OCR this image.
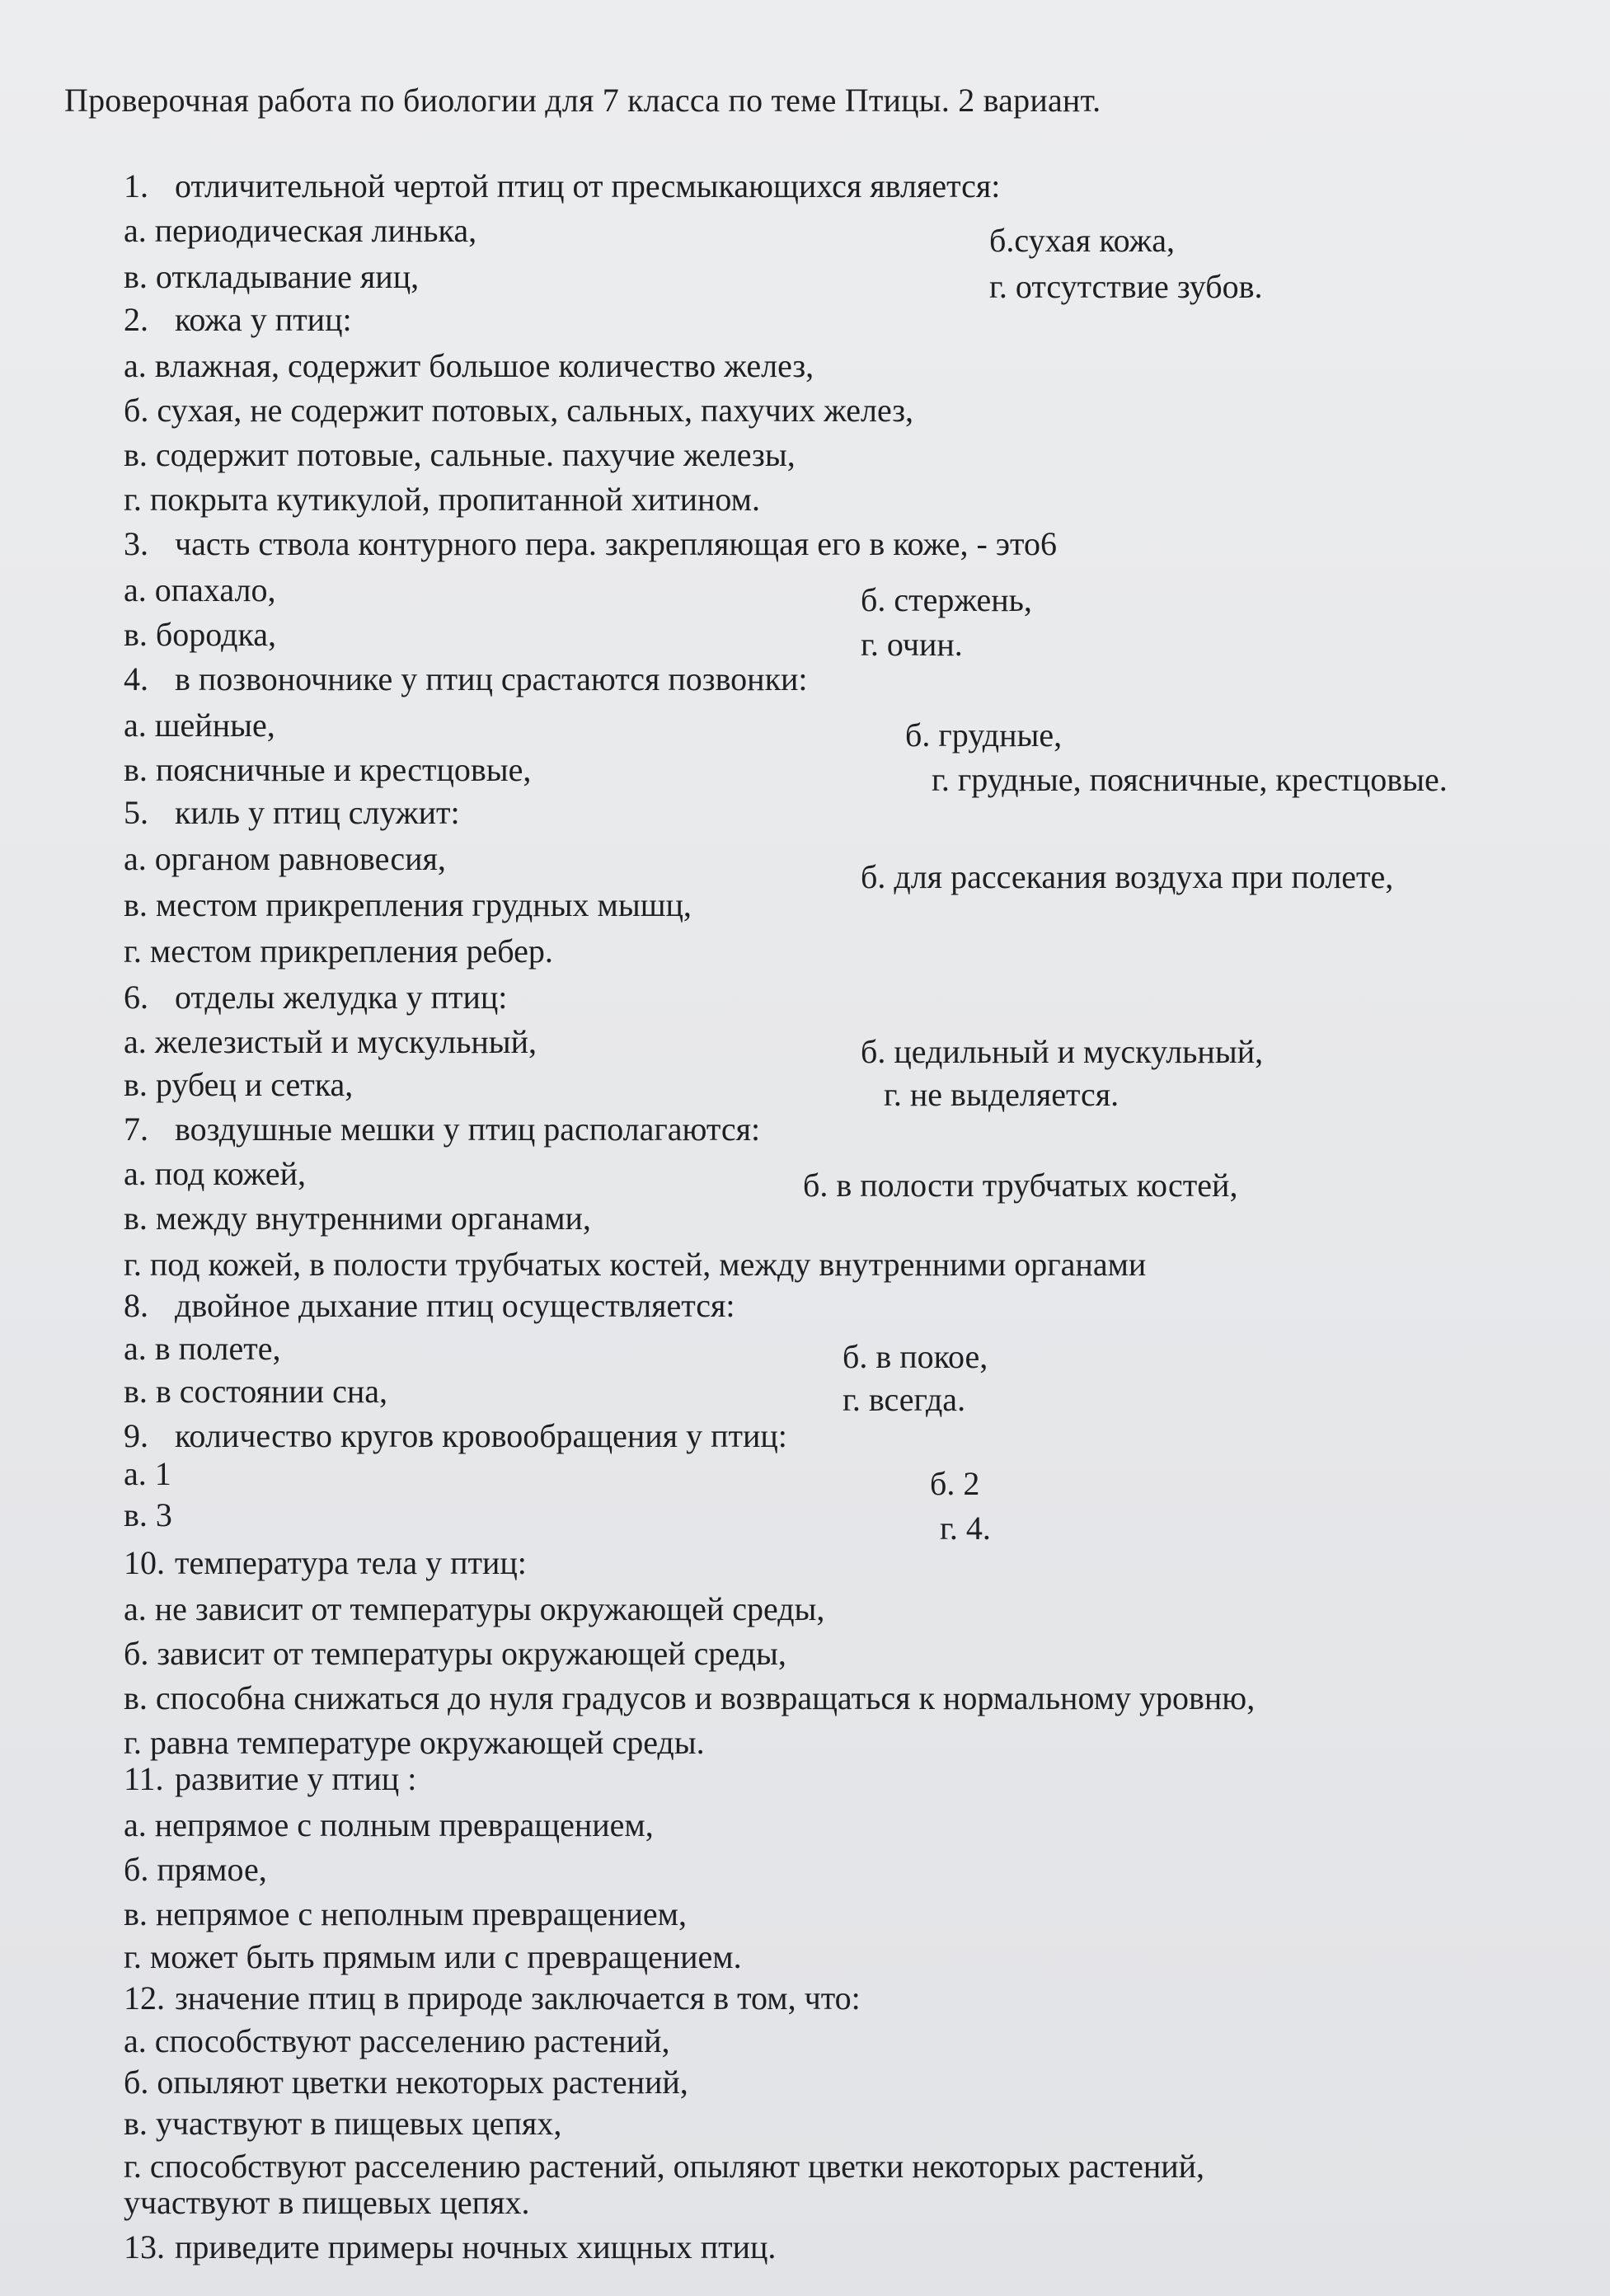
Проверочная работа по биологии для 7 класса по теме Птицы. 2 вариант.
1. отличительной чертой птиц от пресмыкающихся является:
а. периодическая линька,	б.сухая кожа,
в. откладывание яиц,	г. отсутствие зубов.
2. кожа у птиц:
а. влажная, содержит большое количество желез,
б. сухая, не содержит потовых, сальных, пахучих желез,
в. содержит потовые, сальные. пахучие железы,
г. покрыта кутикулой, пропитанной хитином.
3. часть ствола контурного пера. закрепляющая его в коже, - это6
а. опахало,	б. стержень,
в. бородка,	г. очин.
4. в позвоночнике у птиц срастаются позвонки:
а. шейные,	б. грудные,
в. поясничные и крестцовые,	г. грудные, поясничные, крестцовые.
5. киль у птиц служит:
а. органом равновесия,	б. для рассекания воздуха при полете,
в. местом прикрепления грудных мышц,
г. местом прикрепления ребер.
6. отделы желудка у птиц:
а. железистый и мускульный,	б. цедильный и мускульный,
в. рубец и сетка,	г. не выделяется.
7. воздушные мешки у птиц располагаются:
а. под кожей,	б. в полости трубчатых костей,
в. между внутренними органами,
г. под кожей, в полости трубчатых костей, между внутренними органами
8. двойное дыхание птиц осуществляется:
а. в полете,	б. в покое,
в. в состоянии сна,	г. всегда.
9. количество кругов кровообращения у птиц:
а. 1	б. 2
в. 3	г. 4.
10. температура тела у птиц:
а. не зависит от температуры окружающей среды,
б. зависит от температуры окружающей среды,
в. способна снижаться до нуля градусов и возвращаться к нормальному уровню,
г. равна температуре окружающей среды.
11. развитие у птиц :
а. непрямое с полным превращением,
б. прямое,
в. непрямое с неполным превращением,
г. может быть прямым или с превращением.
12. значение птиц в природе заключается в том, что:
а. способствуют расселению растений,
б. опыляют цветки некоторых растений,
в. участвуют в пищевых цепях,
г. способствуют расселению растений, опыляют цветки некоторых растений,
участвуют в пищевых цепях.
13. приведите примеры ночных хищных птиц.
